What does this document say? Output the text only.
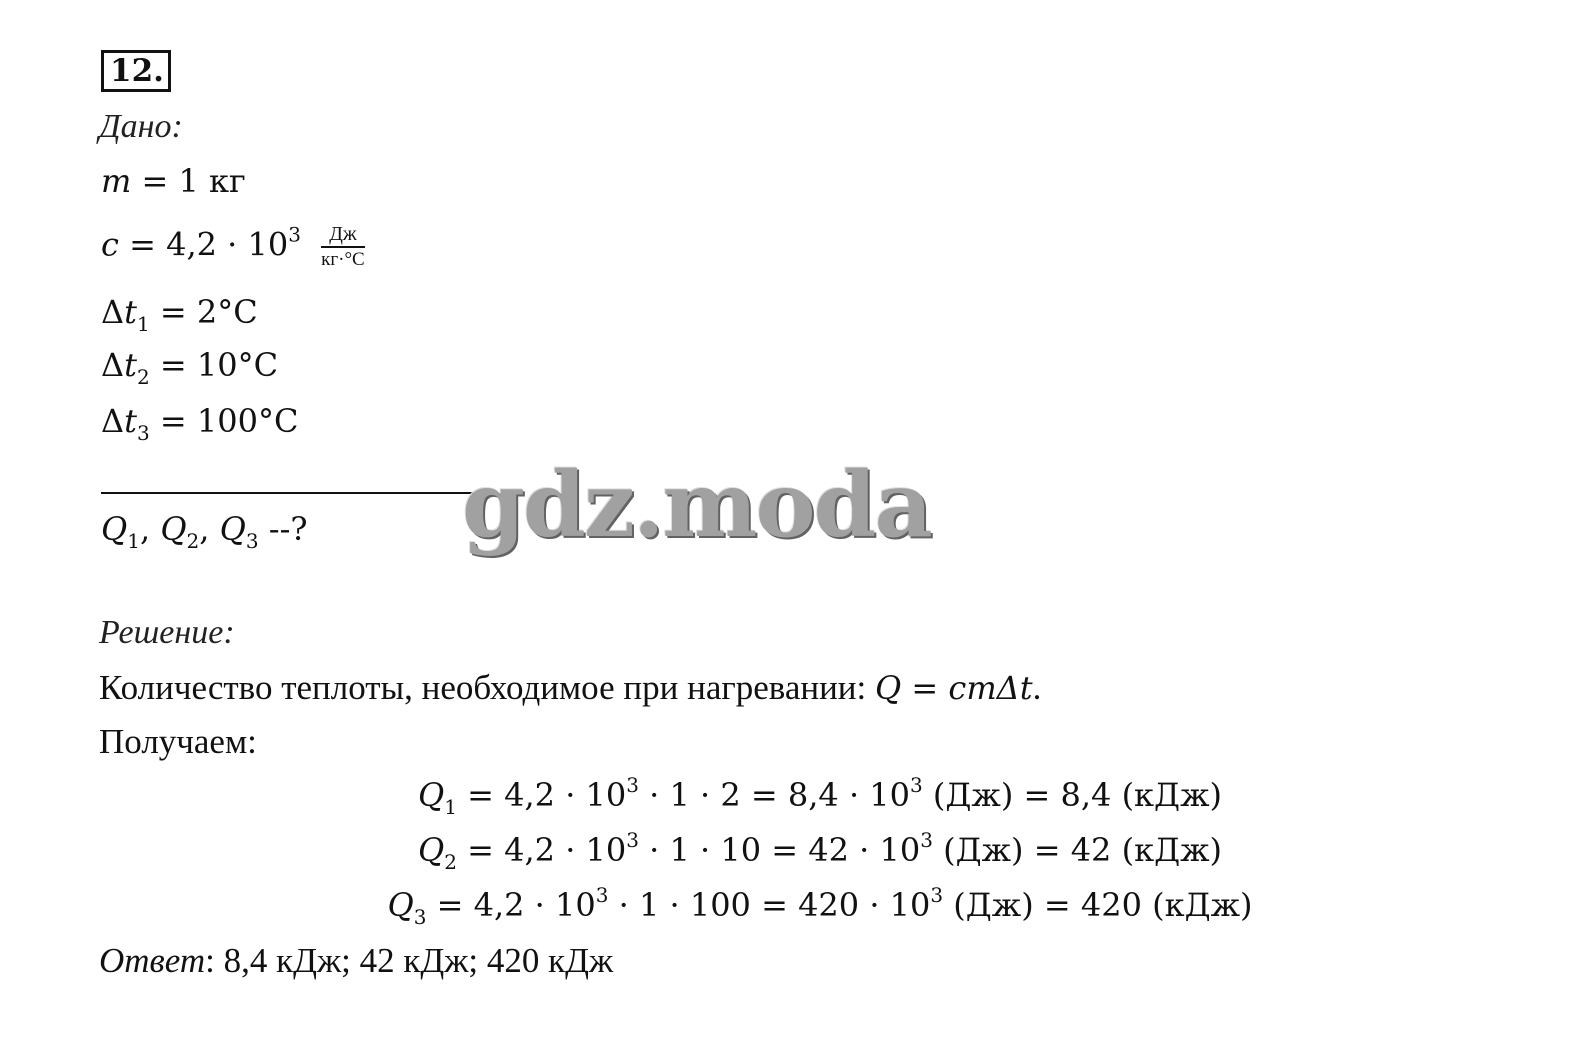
12.
Дано:
m = 1 кг
$c = 4,2 \cdot 10^3 \frac{Дж}{кг\cdot^\circ С}$
$\Delta t_1 = 2^\circ C$
$\Delta t_2 = 10^\circ C$
$\Delta t_3 = 100^\circ C$
$Q_1$, $Q_2$, $Q_3$ --? gdz.moda
Решение:
Количество теплоты, необходимое при нагревании: Q = cmΔt.
Получаем:
$Q_1 = 4,2 \cdot 10^3 \cdot 1 \cdot 2 = 8,4 \cdot 10^3$ (Дж) = 8,4 (кДж)
$Q_2 = 4,2 \cdot 10^3 \cdot 1 \cdot 10 = 42 \cdot 10^3$ (Дж) = 42 (кДж)
$Q_3 = 4,2 \cdot 10^3 \cdot 1 \cdot 100 = 420 \cdot 10^3$ (Дж) = 420 (кДж)
Ответ: 8,4 кДж; 42 кДж; 420 кДж
